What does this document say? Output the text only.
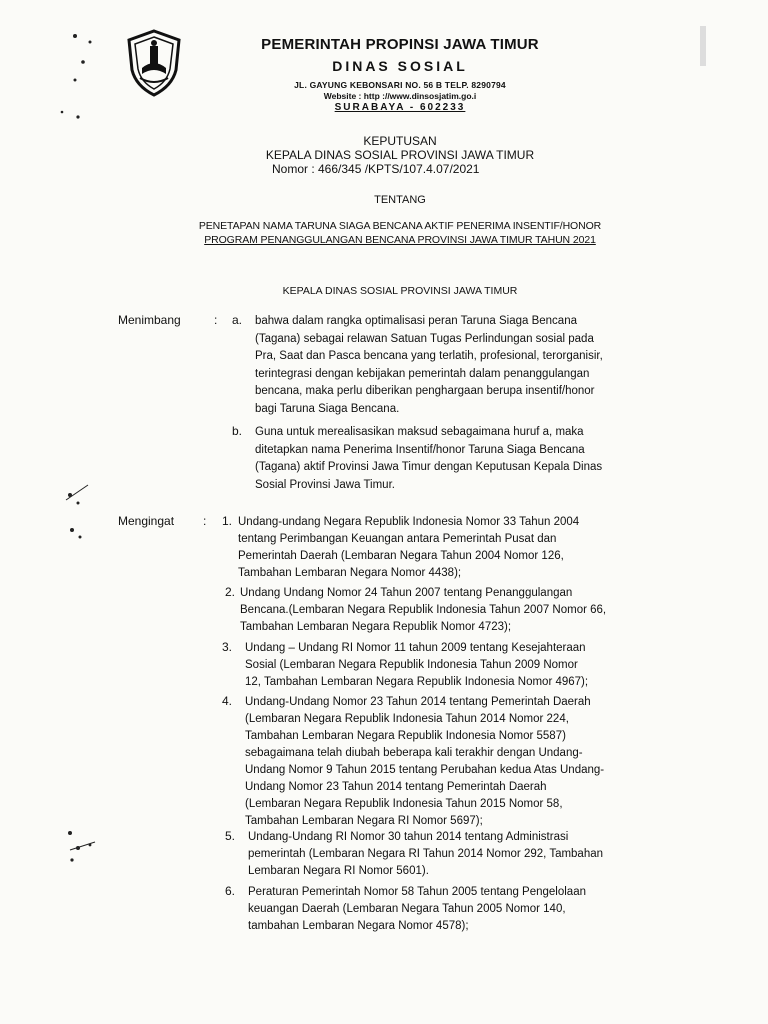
PEMERINTAH PROPINSI JAWA TIMUR
DINAS SOSIAL
JL. GAYUNG KEBONSARI NO. 56 B TELP. 8290794
Website : http ://www.dinsosjatim.go.i
SURABAYA - 602233
KEPUTUSAN
KEPALA DINAS SOSIAL PROVINSI JAWA TIMUR
Nomor : 466/345 /KPTS/107.4.07/2021
TENTANG
PENETAPAN NAMA TARUNA SIAGA BENCANA AKTIF PENERIMA INSENTIF/HONOR
PROGRAM PENANGGULANGAN BENCANA PROVINSI JAWA TIMUR TAHUN 2021
KEPALA DINAS SOSIAL PROVINSI JAWA TIMUR
Menimbang	: a. bahwa dalam rangka optimalisasi peran Taruna Siaga Bencana
(Tagana) sebagai relawan Satuan Tugas Perlindungan sosial pada
Pra, Saat dan Pasca bencana yang terlatih, profesional, terorganisir,
terintegrasi dengan kebijakan pemerintah dalam penanggulangan
bencana, maka perlu diberikan penghargaan berupa insentif/honor
bagi Taruna Siaga Bencana.
b. Guna untuk merealisasikan maksud sebagaimana huruf a, maka
ditetapkan nama Penerima Insentif/honor Taruna Siaga Bencana
(Tagana) aktif Provinsi Jawa Timur dengan Keputusan Kepala Dinas
Sosial Provinsi Jawa Timur.
Mengingat : 1. Undang-undang Negara Republik Indonesia Nomor 33 Tahun 2004
tentang Perimbangan Keuangan antara Pemerintah Pusat dan
Pemerintah Daerah (Lembaran Negara Tahun 2004 Nomor 126,
Tambahan Lembaran Negara Nomor 4438);
2. Undang Undang Nomor 24 Tahun 2007 tentang Penanggulangan
Bencana.(Lembaran Negara Republik Indonesia Tahun 2007 Nomor 66,
Tambahan Lembaran Negara Republik Nomor 4723);
3. Undang – Undang RI Nomor 11 tahun 2009 tentang Kesejahteraan
Sosial (Lembaran Negara Republik Indonesia Tahun 2009 Nomor
12, Tambahan Lembaran Negara Republik Indonesia Nomor 4967);
4. Undang-Undang Nomor 23 Tahun 2014 tentang Pemerintah Daerah
(Lembaran Negara Republik Indonesia Tahun 2014 Nomor 224,
Tambahan Lembaran Negara Republik Indonesia Nomor 5587)
sebagaimana telah diubah beberapa kali terakhir dengan Undang-
Undang Nomor 9 Tahun 2015 tentang Perubahan kedua Atas Undang-
Undang Nomor 23 Tahun 2014 tentang Pemerintah Daerah
(Lembaran Negara Republik Indonesia Tahun 2015 Nomor 58,
Tambahan Lembaran Negara RI Nomor 5697);
5. Undang-Undang RI Nomor 30 tahun 2014 tentang Administrasi
pemerintah (Lembaran Negara RI Tahun 2014 Nomor 292, Tambahan
Lembaran Negara RI Nomor 5601).
6. Peraturan Pemerintah Nomor 58 Tahun 2005 tentang Pengelolaan
keuangan Daerah (Lembaran Negara Tahun 2005 Nomor 140,
tambahan Lembaran Negara Nomor 4578);
